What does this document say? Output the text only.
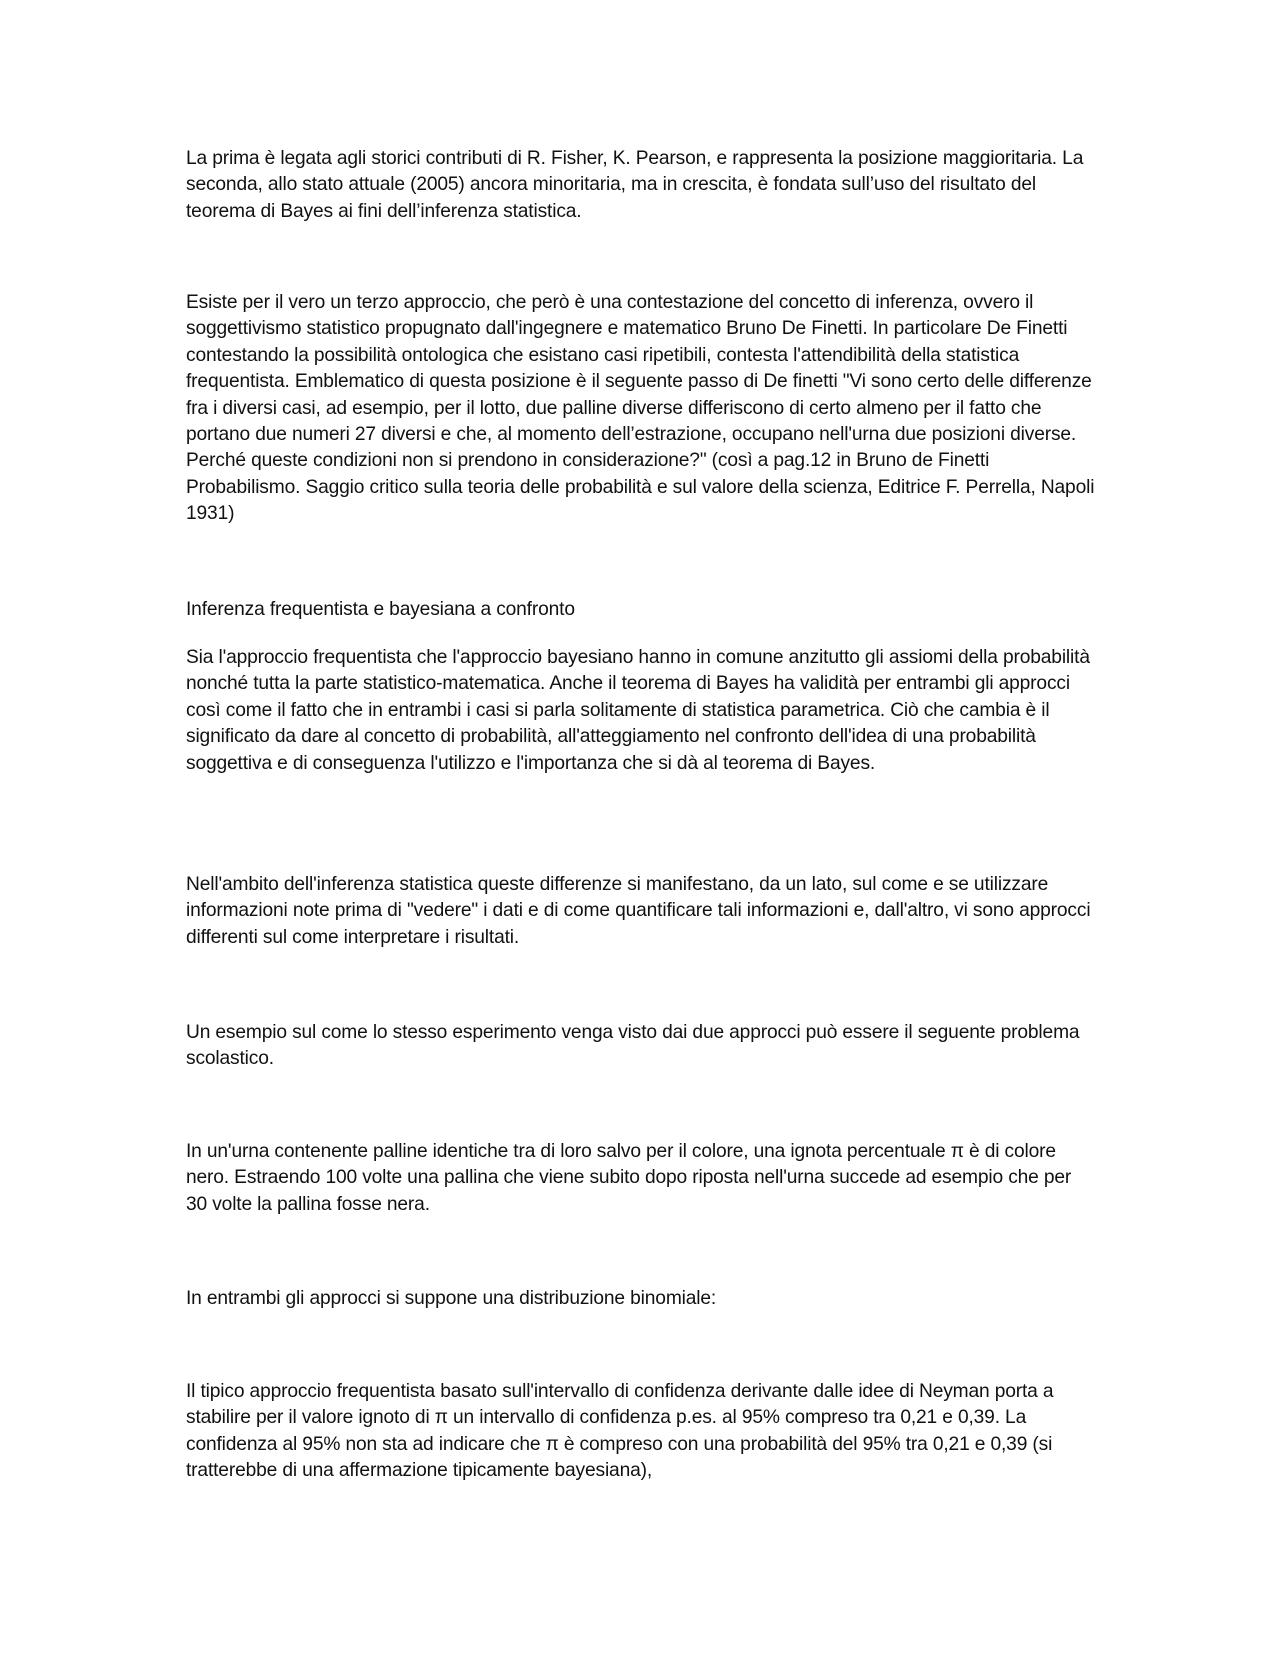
La prima è legata agli storici contributi di R. Fisher, K. Pearson, e rappresenta la posizione maggioritaria. La seconda, allo stato attuale (2005) ancora minoritaria, ma in crescita, è fondata sull’uso del risultato del teorema di Bayes ai fini dell’inferenza statistica.

Esiste per il vero un terzo approccio, che però è una contestazione del concetto di inferenza, ovvero il soggettivismo statistico propugnato dall'ingegnere e matematico Bruno De Finetti. In particolare De Finetti contestando la possibilità ontologica che esistano casi ripetibili, contesta l'attendibilità della statistica frequentista. Emblematico di questa posizione è il seguente passo di De finetti "Vi sono certo delle differenze fra i diversi casi, ad esempio, per il lotto, due palline diverse differiscono di certo almeno per il fatto che portano due numeri 27 diversi e che, al momento dell’estrazione, occupano nell'urna due posizioni diverse. Perché queste condizioni non si prendono in considerazione?" (così a pag.12 in Bruno de Finetti Probabilismo. Saggio critico sulla teoria delle probabilità e sul valore della scienza, Editrice F. Perrella, Napoli 1931)

Inferenza frequentista e bayesiana a confronto

Sia l'approccio frequentista che l'approccio bayesiano hanno in comune anzitutto gli assiomi della probabilità nonché tutta la parte statistico-matematica. Anche il teorema di Bayes ha validità per entrambi gli approcci così come il fatto che in entrambi i casi si parla solitamente di statistica parametrica. Ciò che cambia è il significato da dare al concetto di probabilità, all'atteggiamento nel confronto dell'idea di una probabilità soggettiva e di conseguenza l'utilizzo e l'importanza che si dà al teorema di Bayes.

Nell'ambito dell'inferenza statistica queste differenze si manifestano, da un lato, sul come e se utilizzare informazioni note prima di "vedere" i dati e di come quantificare tali informazioni e, dall'altro, vi sono approcci differenti sul come interpretare i risultati.

Un esempio sul come lo stesso esperimento venga visto dai due approcci può essere il seguente problema scolastico.

In un'urna contenente palline identiche tra di loro salvo per il colore, una ignota percentuale π è di colore nero. Estraendo 100 volte una pallina che viene subito dopo riposta nell'urna succede ad esempio che per 30 volte la pallina fosse nera.

In entrambi gli approcci si suppone una distribuzione binomiale:

Il tipico approccio frequentista basato sull'intervallo di confidenza derivante dalle idee di Neyman porta a stabilire per il valore ignoto di π un intervallo di confidenza p.es. al 95% compreso tra 0,21 e 0,39. La confidenza al 95% non sta ad indicare che π è compreso con una probabilità del 95% tra 0,21 e 0,39 (si tratterebbe di una affermazione tipicamente bayesiana),
